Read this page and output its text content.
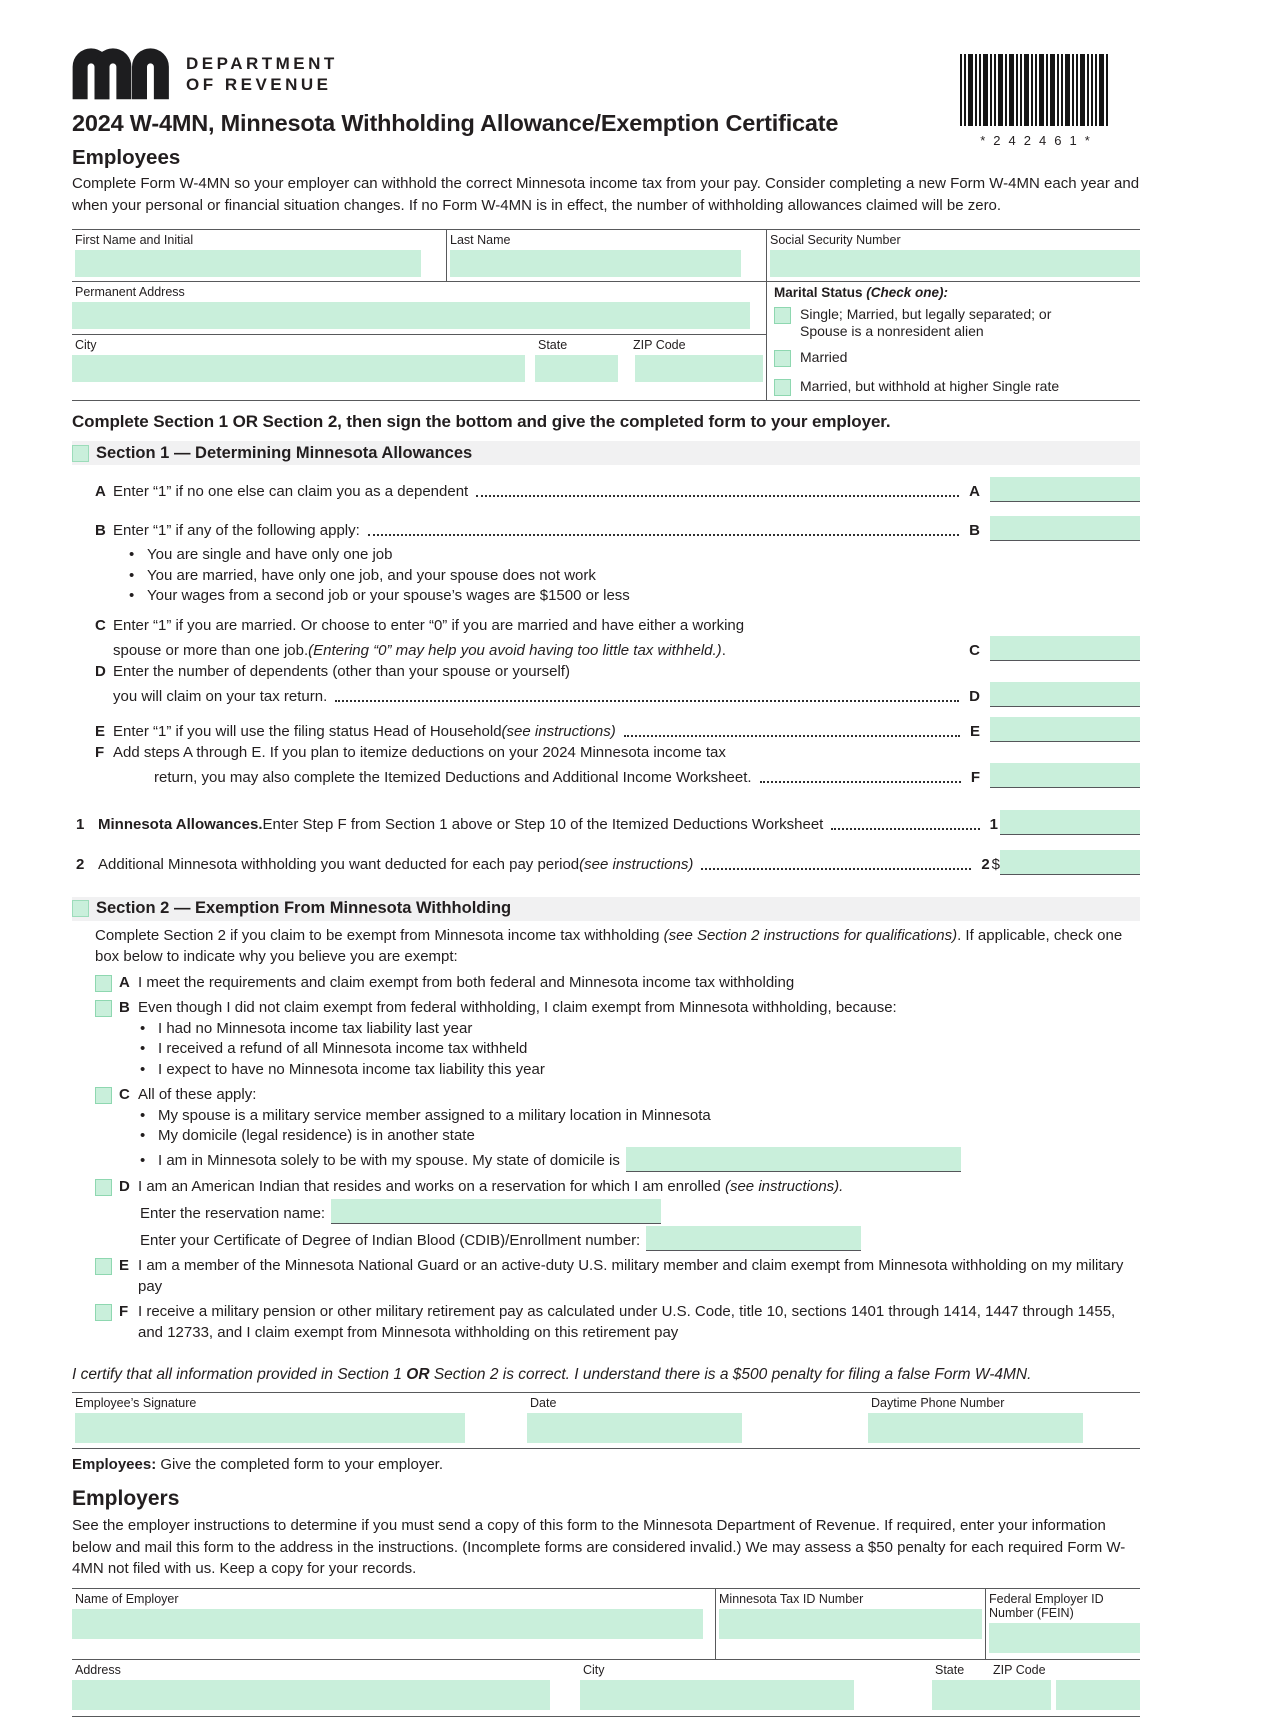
DEPARTMENT
OF REVENUE
*242461*
2024 W-4MN, Minnesota Withholding Allowance/Exemption Certificate
Employees
Complete Form W-4MN so your employer can withhold the correct Minnesota income tax from your pay. Consider completing a new Form W-4MN each year and when your personal or financial situation changes. If no Form W-4MN is in effect, the number of withholding allowances claimed will be zero.
First Name and Initial	Last Name	Social Security Number
Permanent Address
City	State	ZIP Code
Marital Status (Check one):
Single; Married, but legally separated; or
Spouse is a nonresident alien
Married
Married, but withhold at higher Single rate
Complete Section 1 OR Section 2, then sign the bottom and give the completed form to your employer.
Section 1 — Determining Minnesota Allowances
A Enter “1” if no one else can claim you as a dependent	A
B Enter “1” if any of the following apply:	B
• You are single and have only one job
• You are married, have only one job, and your spouse does not work
• Your wages from a second job or your spouse’s wages are $1500 or less
C Enter “1” if you are married. Or choose to enter “0” if you are married and have either a working
spouse or more than one job. (Entering “0” may help you avoid having too little tax withheld.) .	C
D Enter the number of dependents (other than your spouse or yourself)
you will claim on your tax return.	D
E Enter “1” if you will use the filing status Head of Household (see instructions)	E
F Add steps A through E. If you plan to itemize deductions on your 2024 Minnesota income tax
return, you may also complete the Itemized Deductions and Additional Income Worksheet.	F
1 Minnesota Allowances. Enter Step F from Section 1 above or Step 10 of the Itemized Deductions Worksheet	1
2 Additional Minnesota withholding you want deducted for each pay period (see instructions)	2 $
Section 2 — Exemption From Minnesota Withholding
Complete Section 2 if you claim to be exempt from Minnesota income tax withholding (see Section 2 instructions for qualifications). If applicable, check one box below to indicate why you believe you are exempt:
A I meet the requirements and claim exempt from both federal and Minnesota income tax withholding
B Even though I did not claim exempt from federal withholding, I claim exempt from Minnesota withholding, because:
• I had no Minnesota income tax liability last year
• I received a refund of all Minnesota income tax withheld
• I expect to have no Minnesota income tax liability this year
C All of these apply:
• My spouse is a military service member assigned to a military location in Minnesota
• My domicile (legal residence) is in another state
• I am in Minnesota solely to be with my spouse. My state of domicile is
D I am an American Indian that resides and works on a reservation for which I am enrolled (see instructions).
Enter the reservation name:
Enter your Certificate of Degree of Indian Blood (CDIB)/Enrollment number:
E I am a member of the Minnesota National Guard or an active-duty U.S. military member and claim exempt from Minnesota withholding on my military pay
F I receive a military pension or other military retirement pay as calculated under U.S. Code, title 10, sections 1401 through 1414, 1447 through 1455, and 12733, and I claim exempt from Minnesota withholding on this retirement pay
I certify that all information provided in Section 1 OR Section 2 is correct. I understand there is a $500 penalty for filing a false Form W-4MN.
Employee’s Signature	Date	Daytime Phone Number
Employees: Give the completed form to your employer.
Employers
See the employer instructions to determine if you must send a copy of this form to the Minnesota Department of Revenue. If required, enter your information below and mail this form to the address in the instructions. (Incomplete forms are considered invalid.) We may assess a $50 penalty for each required Form W-4MN not filed with us. Keep a copy for your records.
Name of Employer	Minnesota Tax ID Number	Federal Employer ID Number (FEIN)
Address	City	State	ZIP Code
